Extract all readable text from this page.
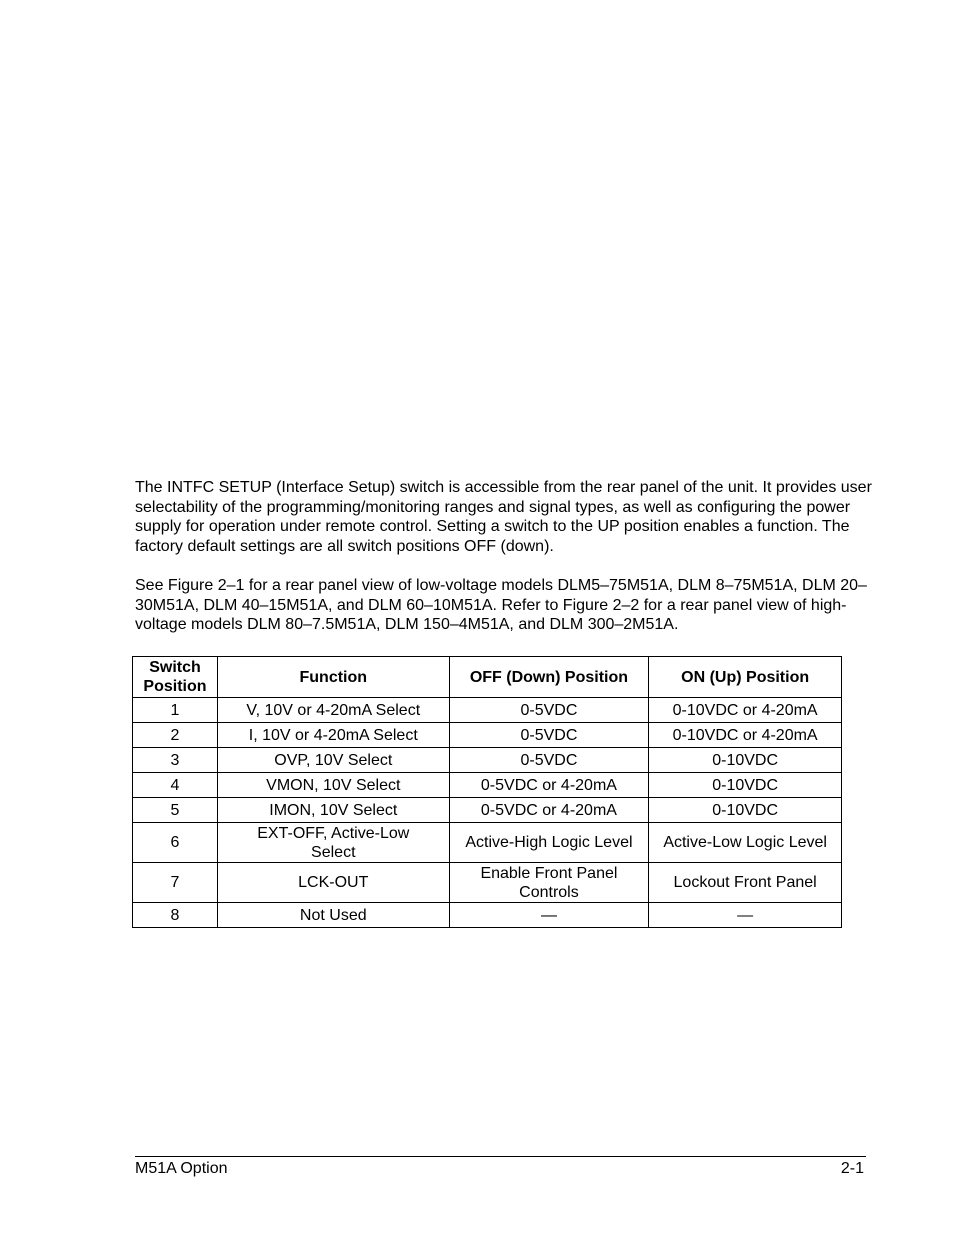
The INTFC SETUP (Interface Setup) switch is accessible from the rear panel of the unit. It provides user selectability of the programming/monitoring ranges and signal types, as well as configuring the power supply for operation under remote control. Setting a switch to the UP position enables a function. The factory default settings are all switch positions OFF (down).

See Figure 2–1 for a rear panel view of low-voltage models DLM5–75M51A, DLM 8–75M51A, DLM 20–30M51A, DLM 40–15M51A, and DLM 60–10M51A. Refer to Figure 2–2 for a rear panel view of high-voltage models DLM 80–7.5M51A, DLM 150–4M51A, and DLM 300–2M51A.

Switch
Position	Function	OFF (Down) Position	ON (Up) Position
1	V, 10V or 4-20mA Select	0-5VDC	0-10VDC or 4-20mA
2	I, 10V or 4-20mA Select	0-5VDC	0-10VDC or 4-20mA
3	OVP, 10V Select	0-5VDC	0-10VDC
4	VMON, 10V Select	0-5VDC or 4-20mA	0-10VDC
5	IMON, 10V Select	0-5VDC or 4-20mA	0-10VDC
6	EXT-OFF, Active-Low
Select	Active-High Logic Level	Active-Low Logic Level
7	LCK-OUT	Enable Front Panel
Controls	Lockout Front Panel
8	Not Used	—	—
M51A Option	2-1
